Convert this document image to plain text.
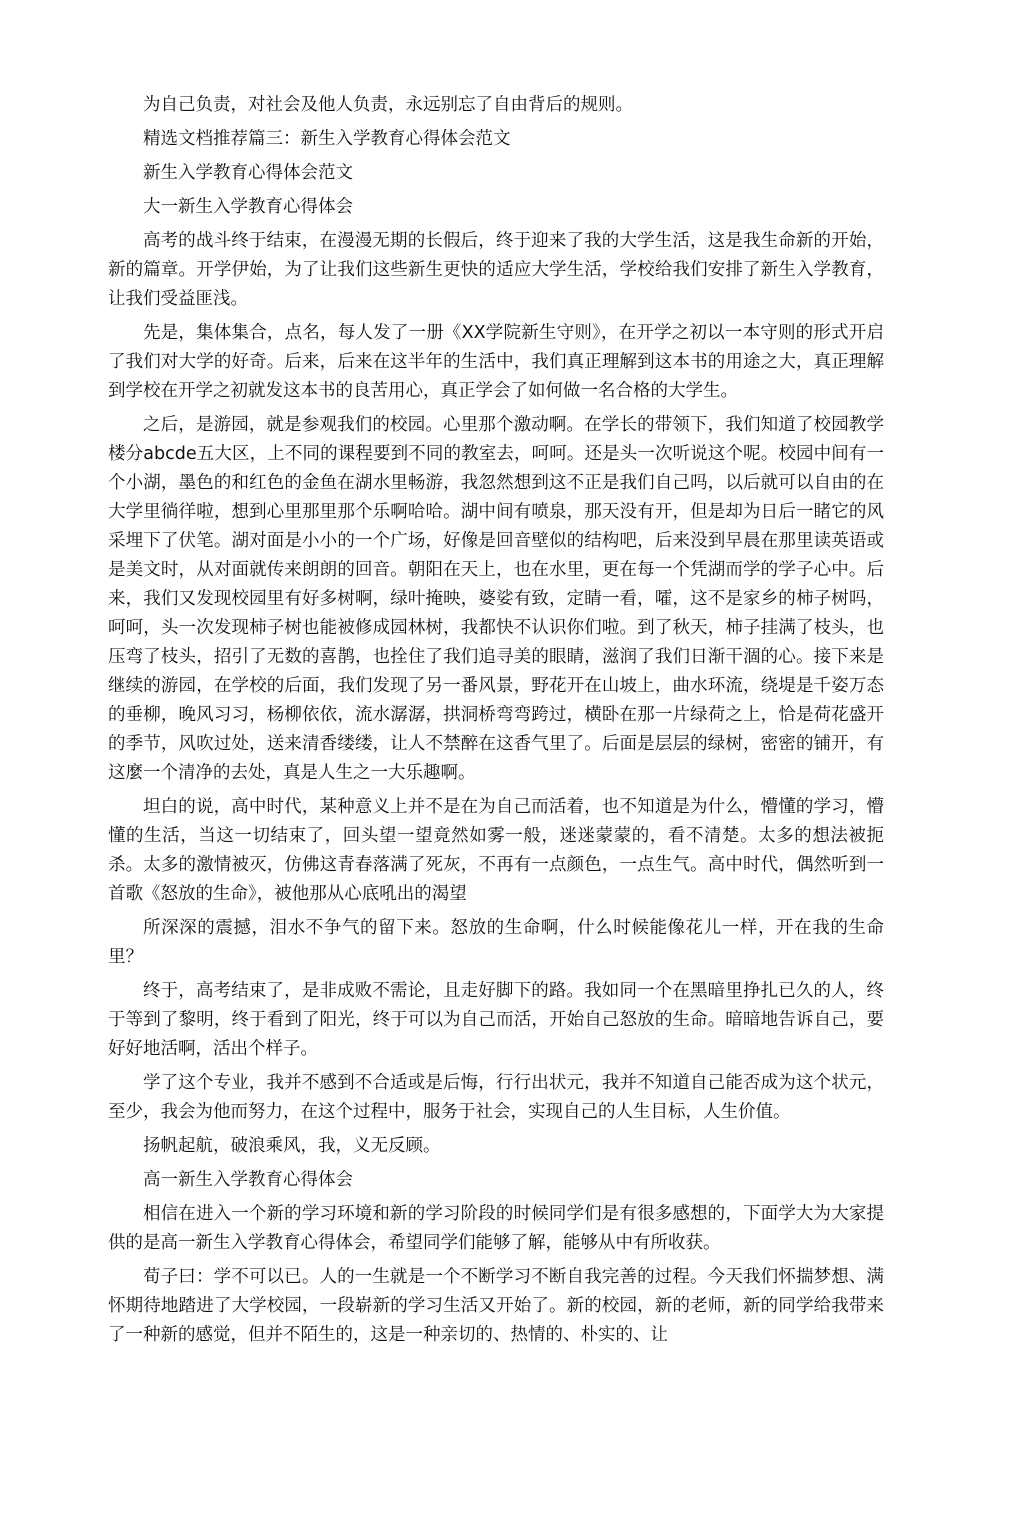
为自己负责，对社会及他人负责，永远别忘了自由背后的规则。

精选文档推荐篇三：新生入学教育心得体会范文

新生入学教育心得体会范文

大一新生入学教育心得体会

高考的战斗终于结束，在漫漫无期的长假后，终于迎来了我的大学生活，这是我生命新的开始，新的篇章。开学伊始，为了让我们这些新生更快的适应大学生活，学校给我们安排了新生入学教育，让我们受益匪浅。

先是，集体集合，点名，每人发了一册《XX学院新生守则》，在开学之初以一本守则的形式开启了我们对大学的好奇。后来，后来在这半年的生活中，我们真正理解到这本书的用途之大，真正理解到学校在开学之初就发这本书的良苦用心，真正学会了如何做一名合格的大学生。

之后，是游园，就是参观我们的校园。心里那个激动啊。在学长的带领下，我们知道了校园教学楼分abcde五大区，上不同的课程要到不同的教室去，呵呵。还是头一次听说这个呢。校园中间有一个小湖，墨色的和红色的金鱼在湖水里畅游，我忽然想到这不正是我们自己吗，以后就可以自由的在大学里徜徉啦，想到心里那里那个乐啊哈哈。湖中间有喷泉，那天没有开，但是却为日后一睹它的风采埋下了伏笔。湖对面是小小的一个广场，好像是回音壁似的结构吧，后来没到早晨在那里读英语或是美文时，从对面就传来朗朗的回音。朝阳在天上，也在水里，更在每一个凭湖而学的学子心中。后来，我们又发现校园里有好多树啊，绿叶掩映，婆娑有致，定睛一看，嚯，这不是家乡的柿子树吗，呵呵，头一次发现柿子树也能被修成园林树，我都快不认识你们啦。到了秋天，柿子挂满了枝头，也压弯了枝头，招引了无数的喜鹊，也拴住了我们追寻美的眼睛，滋润了我们日渐干涸的心。接下来是继续的游园，在学校的后面，我们发现了另一番风景，野花开在山坡上，曲水环流，绕堤是千姿万态的垂柳，晚风习习，杨柳依依，流水潺潺，拱洞桥弯弯跨过，横卧在那一片绿荷之上，恰是荷花盛开的季节，风吹过处，送来清香缕缕，让人不禁醉在这香气里了。后面是层层的绿树，密密的铺开，有这麼一个清净的去处，真是人生之一大乐趣啊。

坦白的说，高中时代，某种意义上并不是在为自己而活着，也不知道是为什么，懵懂的学习，懵懂的生活，当这一切结束了，回头望一望竟然如雾一般，迷迷蒙蒙的，看不清楚。太多的想法被扼杀。太多的激情被灭，仿佛这青春落满了死灰，不再有一点颜色，一点生气。高中时代，偶然听到一首歌《怒放的生命》，被他那从心底吼出的渴望

所深深的震撼，泪水不争气的留下来。怒放的生命啊，什么时候能像花儿一样，开在我的生命里？

终于，高考结束了，是非成败不需论，且走好脚下的路。我如同一个在黑暗里挣扎已久的人，终于等到了黎明，终于看到了阳光，终于可以为自己而活，开始自己怒放的生命。暗暗地告诉自己，要好好地活啊，活出个样子。

学了这个专业，我并不感到不合适或是后悔，行行出状元，我并不知道自己能否成为这个状元，至少，我会为他而努力，在这个过程中，服务于社会，实现自己的人生目标，人生价值。

扬帆起航，破浪乘风，我，义无反顾。

高一新生入学教育心得体会

相信在进入一个新的学习环境和新的学习阶段的时候同学们是有很多感想的，下面学大为大家提供的是高一新生入学教育心得体会，希望同学们能够了解，能够从中有所收获。

荀子曰：学不可以已。人的一生就是一个不断学习不断自我完善的过程。今天我们怀揣梦想、满怀期待地踏进了大学校园，一段崭新的学习生活又开始了。新的校园，新的老师，新的同学给我带来了一种新的感觉，但并不陌生的，这是一种亲切的、热情的、朴实的、让
